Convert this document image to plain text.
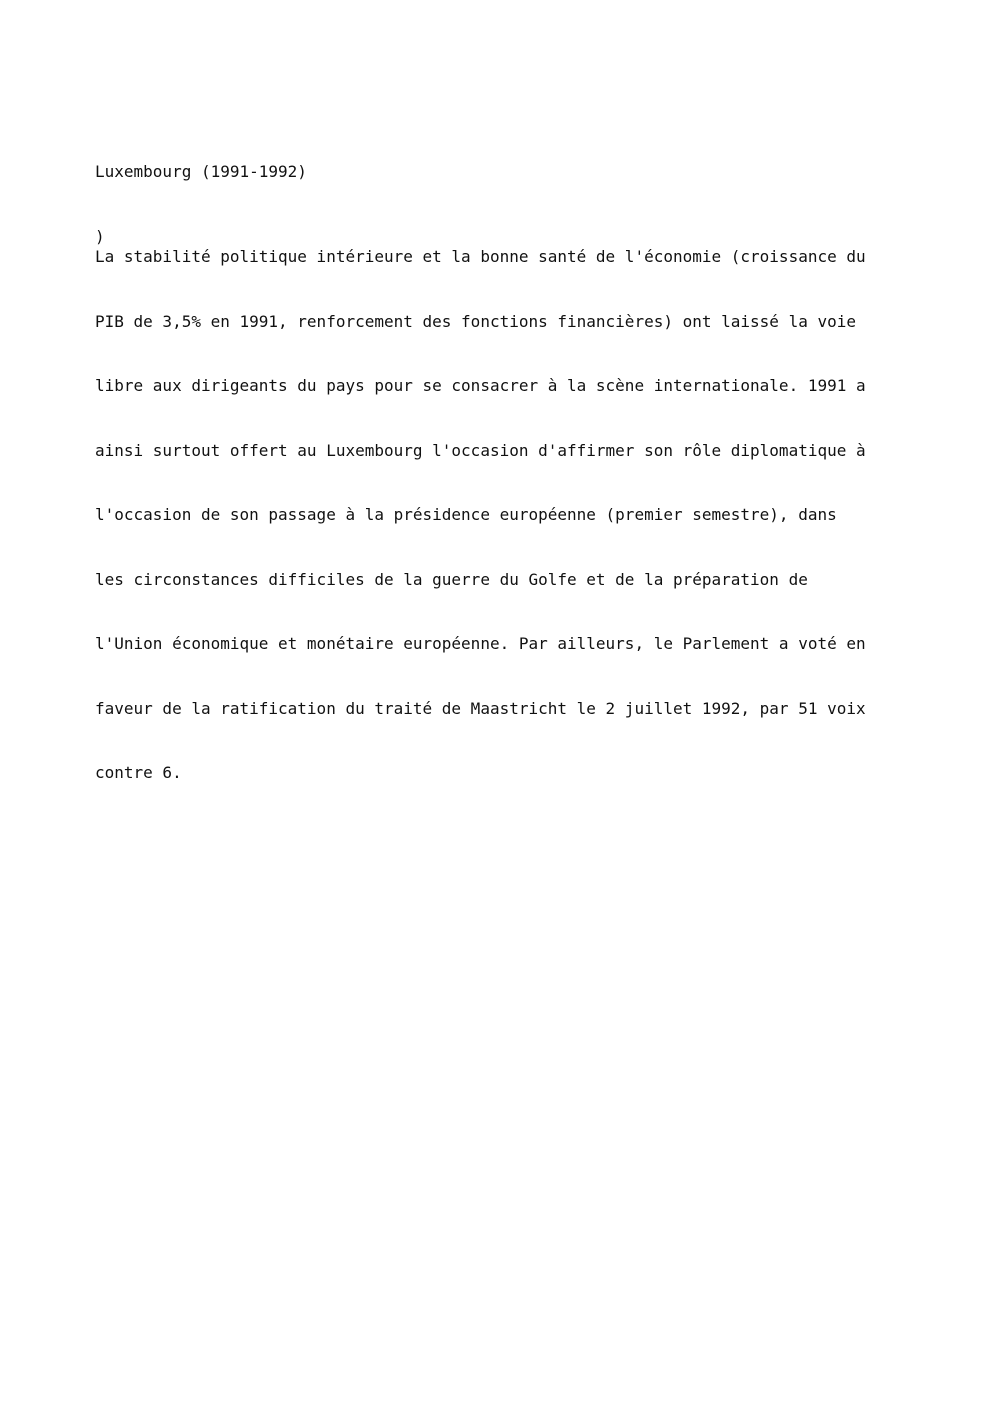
Luxembourg (1991-1992)

)

La stabilité politique intérieure et la bonne santé de l'économie (croissance du

PIB de 3,5% en 1991, renforcement des fonctions financières) ont laissé la voie

libre aux dirigeants du pays pour se consacrer à la scène internationale. 1991 a

ainsi surtout offert au Luxembourg l'occasion d'affirmer son rôle diplomatique à

l'occasion de son passage à la présidence européenne (premier semestre), dans

les circonstances difficiles de la guerre du Golfe et de la préparation de

l'Union économique et monétaire européenne. Par ailleurs, le Parlement a voté en

faveur de la ratification du traité de Maastricht le 2 juillet 1992, par 51 voix

contre 6.
